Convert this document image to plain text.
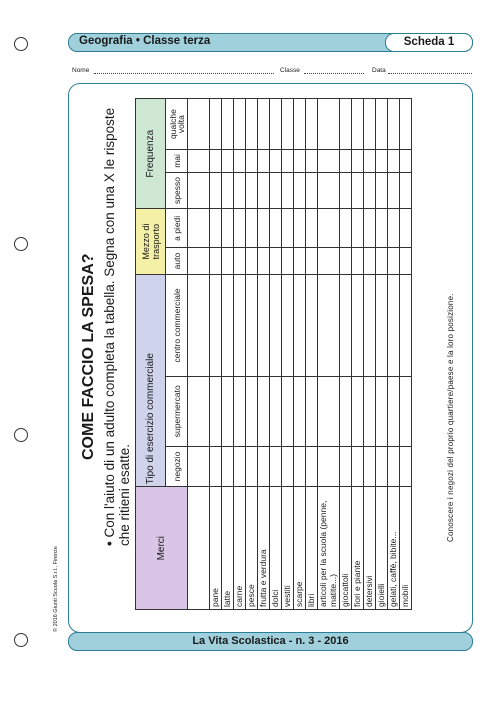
Geografia • Classe terza	Scheda 1
Nome	Classe	Data
© 2016 Giunti Scuola S.r.l., Firenze
COME FACCIO LA SPESA?
• Con l'aiuto di un adulto completa la tabella. Segna con una X le risposte che ritieni esatte.
Merci	Tipo di esercizio commerciale			Mezzo di trasporto		Frequenza		
	negozio	supermercato	centro commerciale	auto	a piedi	spesso	mai	qualche volta

pane								
latte								
carne								
pesce								
frutta e verdura								
dolci								
vestiti								
scarpe								
libri								
articoli per la scuola (penne, matite...)								
giocattoli								
fiori e piante								
detersivi								
gioielli								
gelati, caffè, bibite...								
mobili								
Conoscere i negozi del proprio quartiere/paese e la loro posizione.
La Vita Scolastica - n. 3 - 2016
